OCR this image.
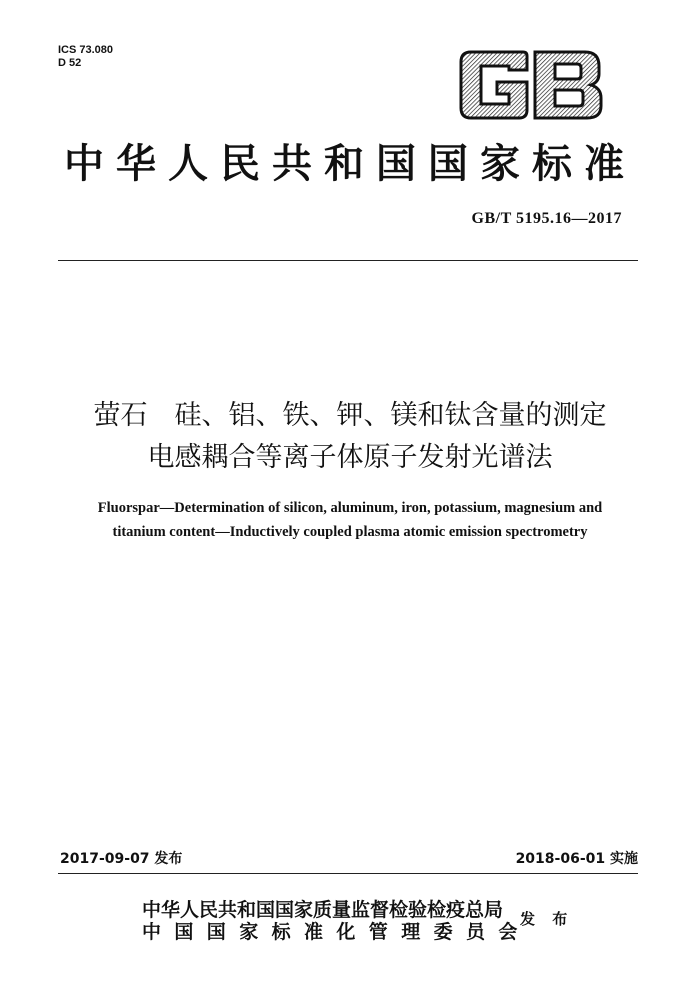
ICS 73.080
D 52
中华人民共和国国家标准
GB/T 5195.16—2017
萤石　硅、铝、铁、钾、镁和钛含量的测定
电感耦合等离子体原子发射光谱法
Fluorspar—Determination of silicon, aluminum, iron, potassium, magnesium and
titanium content—Inductively coupled plasma atomic emission spectrometry
2017-09-07 发布	2018-06-01 实施
中华人民共和国国家质量监督检验检疫总局
中国国家标准化管理委员会
发 布
